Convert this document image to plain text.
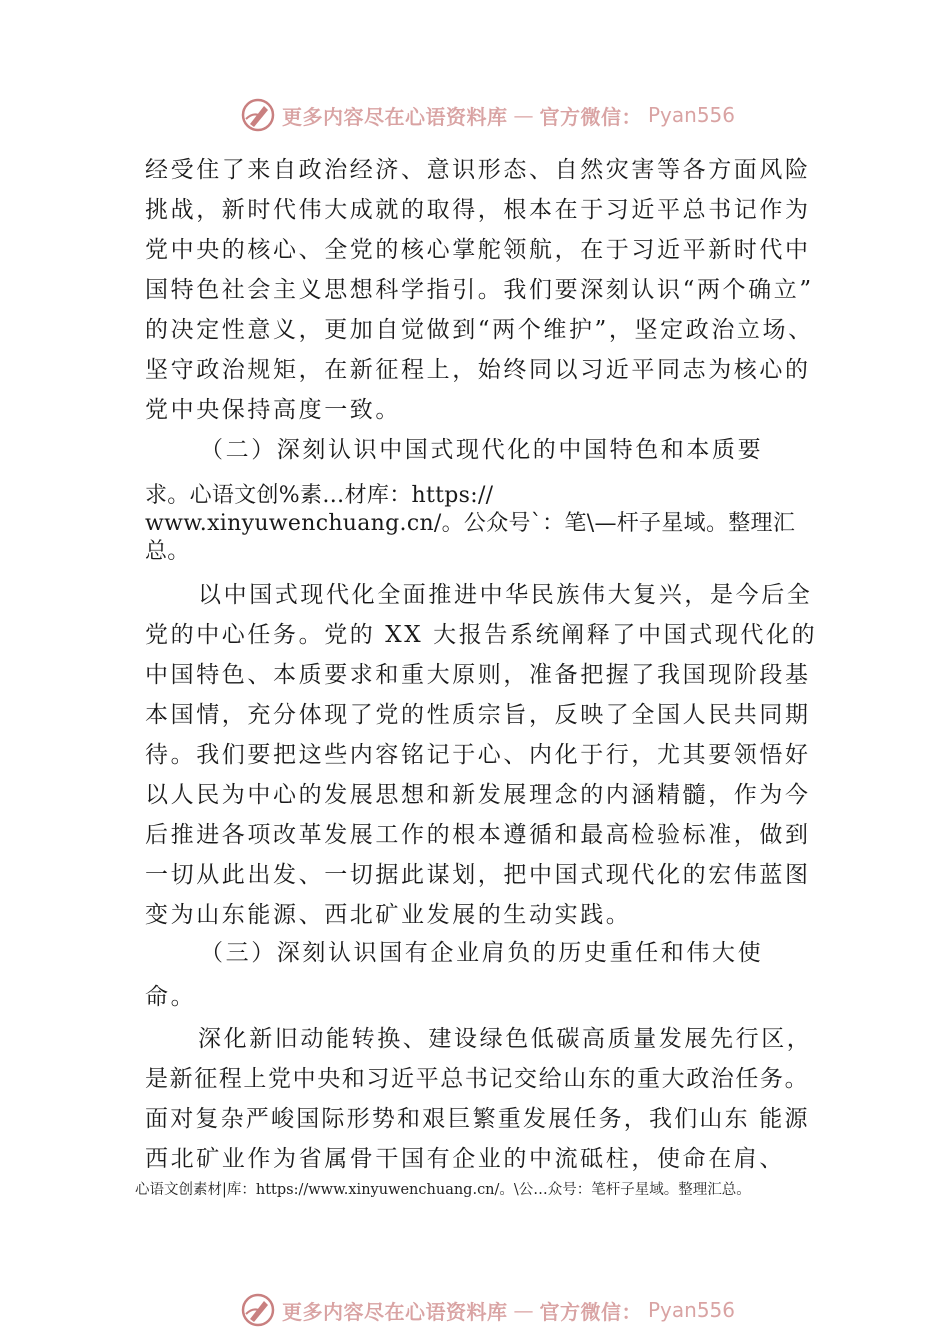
更多内容尽在心语资料库 — 官方微信： Pyan556

经受住了来自政治经济、意识形态、自然灾害等各方面风险

挑战，新时代伟大成就的取得，根本在于习近平总书记作为

党中央的核心、全党的核心掌舵领航，在于习近平新时代中

国特色社会主义思想科学指引。我们要深刻认识“两个确立”

的决定性意义，更加自觉做到“两个维护”，坚定政治立场、

坚守政治规矩，在新征程上，始终同以习近平同志为核心的

党中央保持高度一致。

（二）深刻认识中国式现代化的中国特色和本质要

求。心语文创%素…材库：https://

www.xinyuwenchuang.cn/。公众号`：笔\—杆子星域。整理汇

总。

以中国式现代化全面推进中华民族伟大复兴，是今后全

党的中心任务。党的 XX 大报告系统阐释了中国式现代化的

中国特色、本质要求和重大原则，准备把握了我国现阶段基

本国情，充分体现了党的性质宗旨，反映了全国人民共同期

待。我们要把这些内容铭记于心、内化于行，尤其要领悟好

以人民为中心的发展思想和新发展理念的内涵精髓，作为今

后推进各项改革发展工作的根本遵循和最高检验标准，做到

一切从此出发、一切据此谋划，把中国式现代化的宏伟蓝图

变为山东能源、西北矿业发展的生动实践。

（三）深刻认识国有企业肩负的历史重任和伟大使

命。

深化新旧动能转换、建设绿色低碳高质量发展先行区，

是新征程上党中央和习近平总书记交给山东的重大政治任务。

面对复杂严峻国际形势和艰巨繁重发展任务，我们山东 能源

西北矿业作为省属骨干国有企业的中流砥柱，使命在肩、

心语文创素材|库：https://www.xinyuwenchuang.cn/。\公…众号：笔杆子星域。整理汇总。

更多内容尽在心语资料库 — 官方微信： Pyan556
